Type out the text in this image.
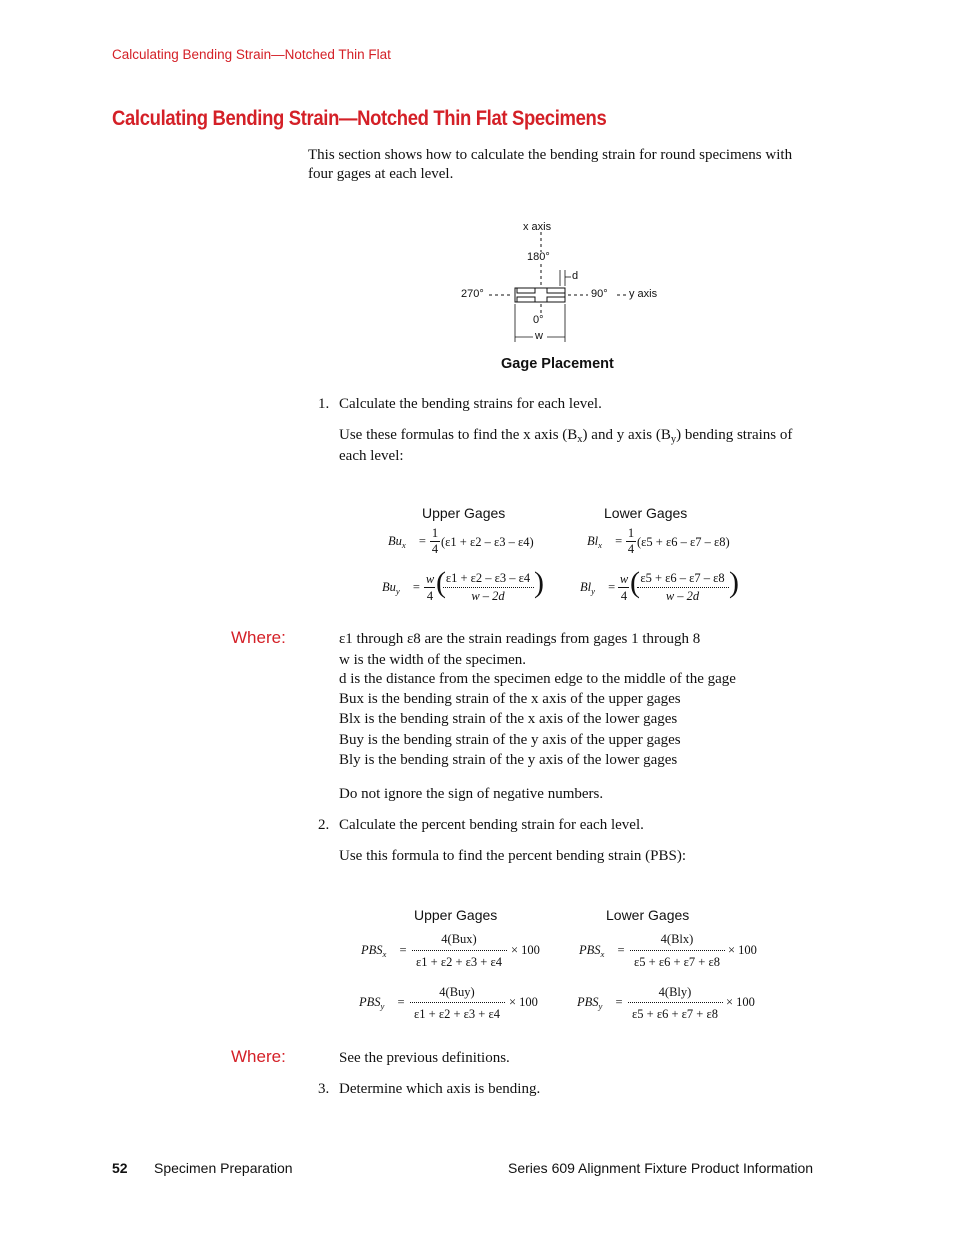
Calculating Bending Strain—Notched Thin Flat
Calculating Bending Strain—Notched Thin Flat Specimens
This section shows how to calculate the bending strain for round specimens with
four gages at each level.
x axis
180°
d
270°	90° y axis
0°
w
Gage Placement
1. Calculate the bending strains for each level.
Use these formulas to find the x axis $(B_x)$ and y axis $(B_y)$ bending strains of
each level:
Upper Gages	Lower Gages
$Bu_x$ =
1
4 (ε1 + ε2 – ε3 – ε4)	$Bl_x$ =
1
4 (ε5 + ε6 – ε7 – ε8)
$Bu_y$ =
w
4 ( ε1 + ε2 – ε3 – ε4
w – 2d )	$Bl_y$ =
w
4 ( ε5 + ε6 – ε7 – ε8
w – 2d )
Where:	ε1 through ε8 are the strain readings from gages 1 through 8
w is the width of the specimen.
d is the distance from the specimen edge to the middle of the gage
Bux is the bending strain of the x axis of the upper gages
Blx is the bending strain of the x axis of the lower gages
Buy is the bending strain of the y axis of the upper gages
Bly is the bending strain of the y axis of the lower gages
Do not ignore the sign of negative numbers.
2. Calculate the percent bending strain for each level.
Use this formula to find the percent bending strain (PBS):
Upper Gages	Lower Gages
$PBS_x$ =
4(Bux)
ε1 + ε2 + ε3 + ε4
× 100	$PBS_x$ =
4(Blx)
ε5 + ε6 + ε7 + ε8
× 100
$PBS_y$ =
4(Buy)
ε1 + ε2 + ε3 + ε4
× 100	$PBS_y$ =
4(Bly)
ε5 + ε6 + ε7 + ε8
× 100
Where:	See the previous definitions.
3. Determine which axis is bending.
52 Specimen Preparation	Series 609 Alignment Fixture Product Information
